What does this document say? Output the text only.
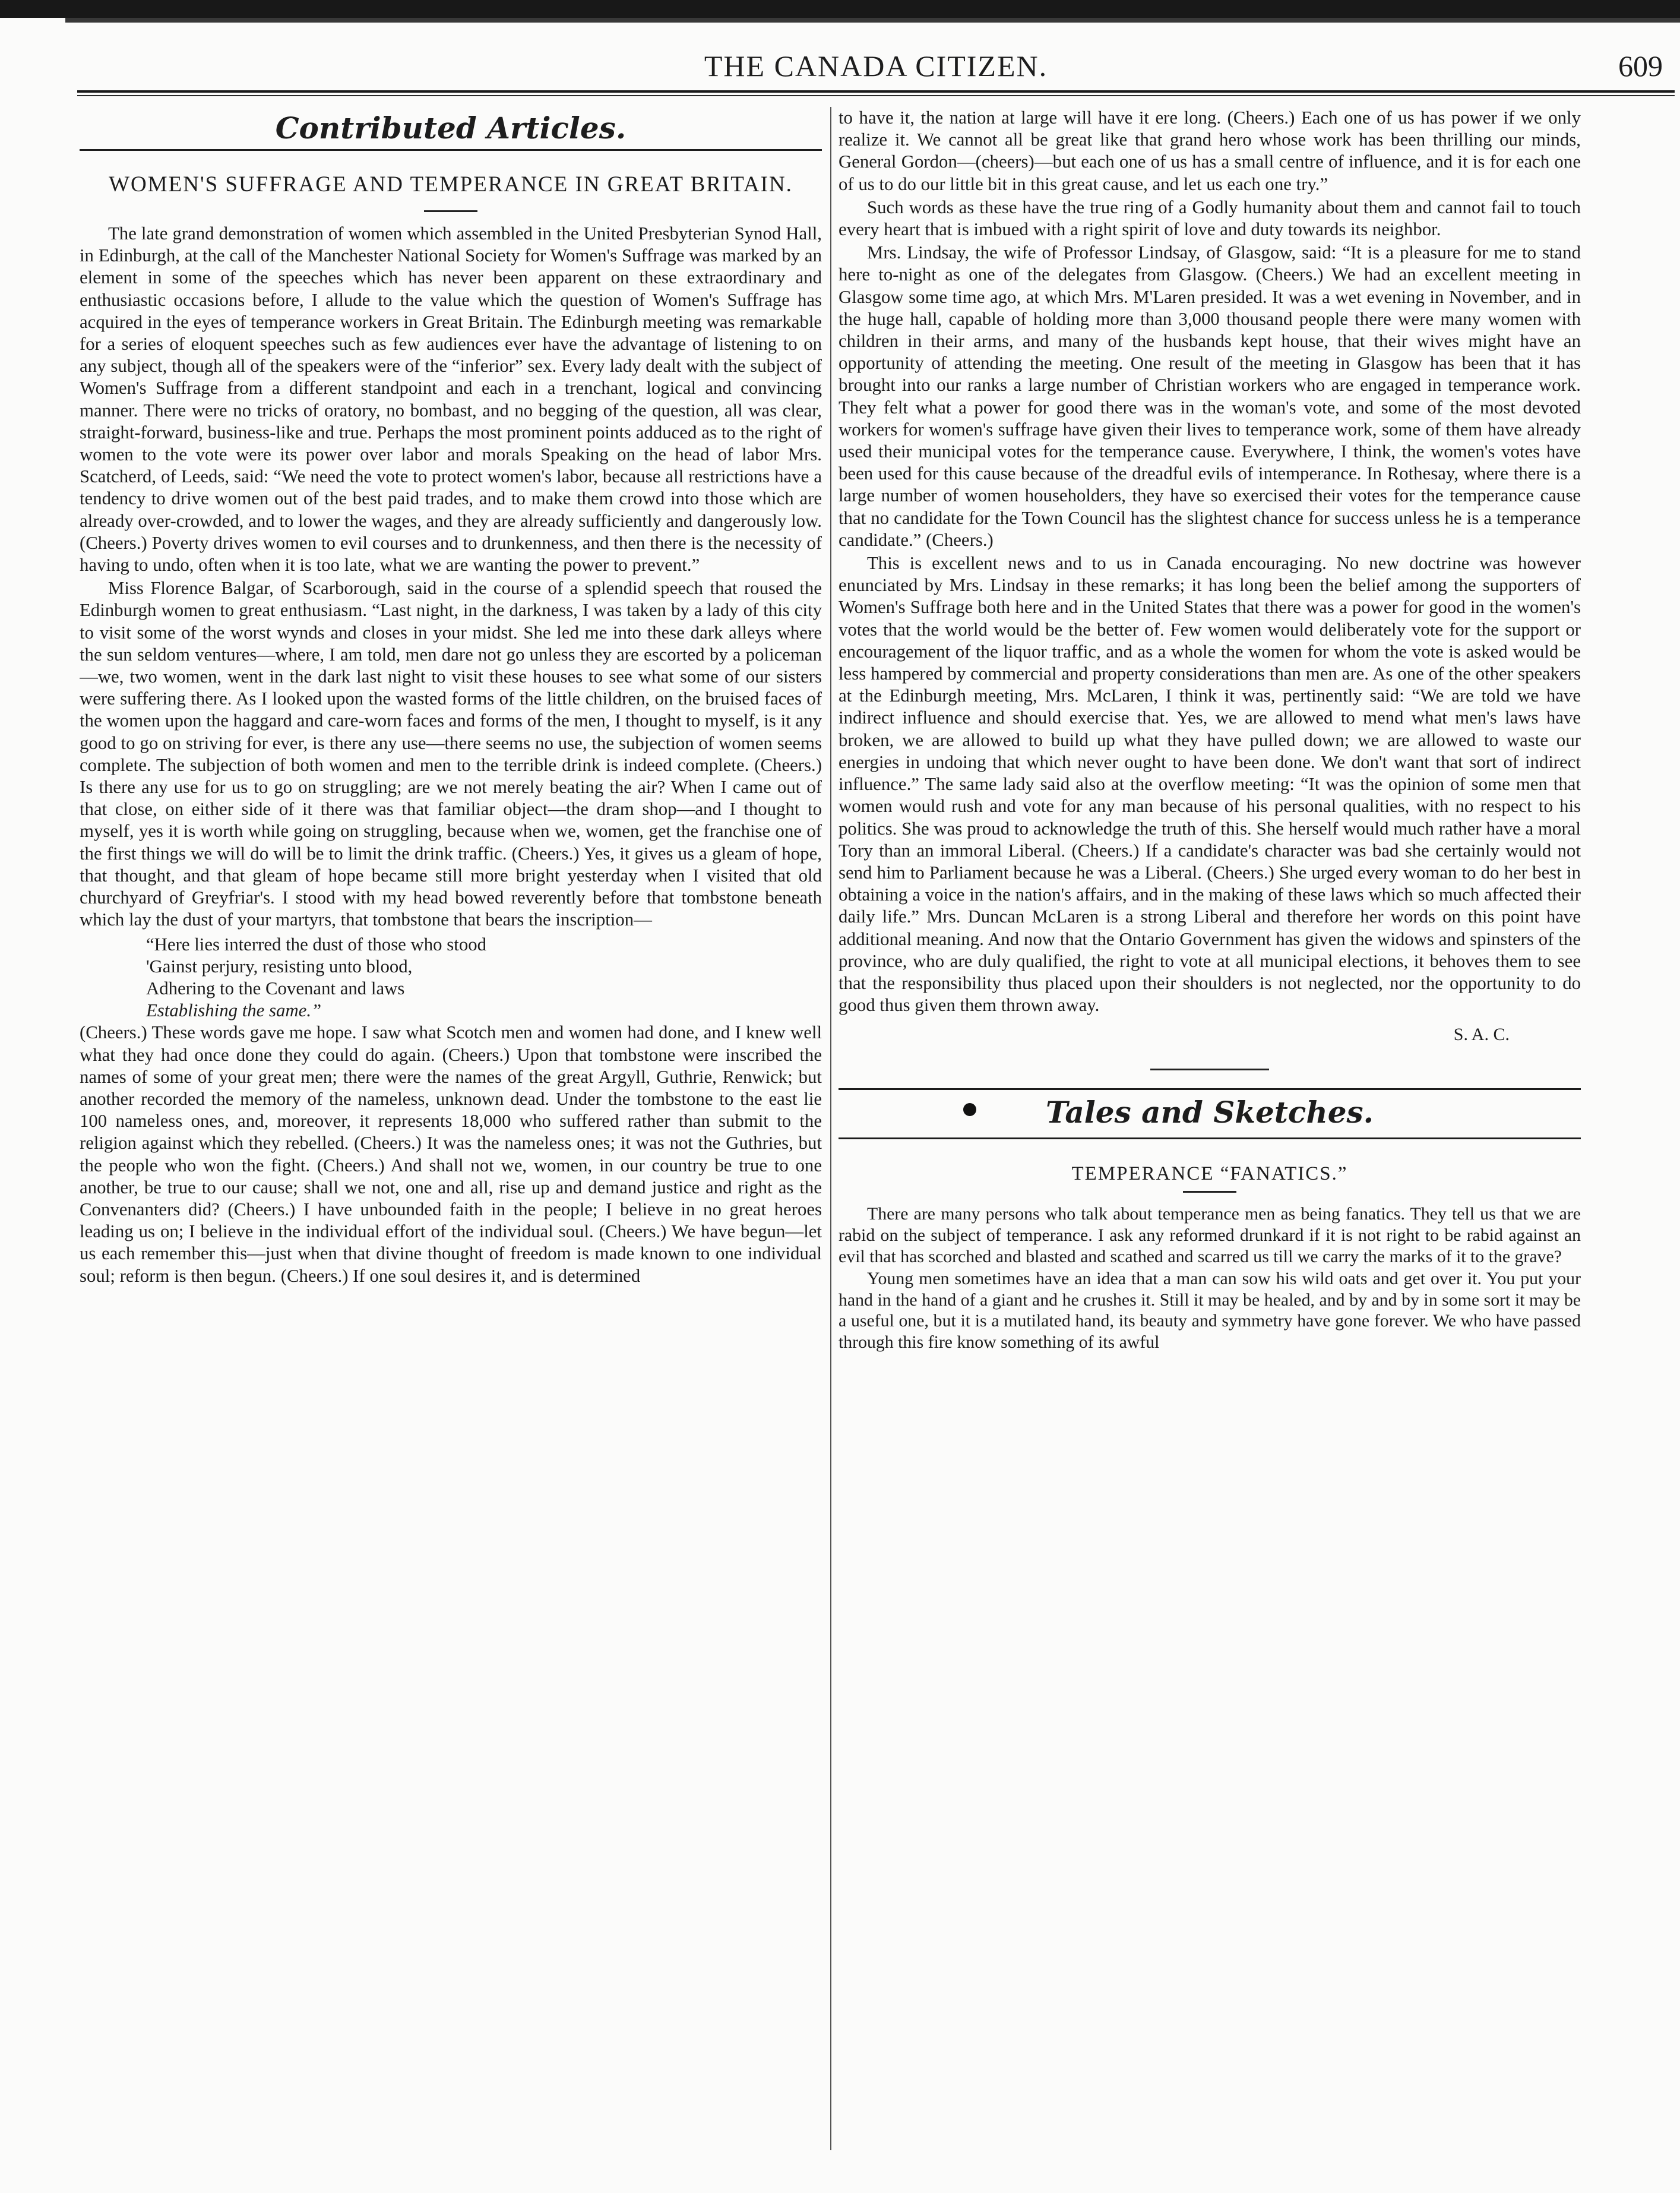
THE CANADA CITIZEN.	609
Contributed Articles.
WOMEN'S SUFFRAGE AND TEMPERANCE IN GREAT BRITAIN.

The late grand demonstration of women which assembled in the United Presbyterian Synod Hall, in Edinburgh, at the call of the Manchester National Society for Women's Suffrage was marked by an element in some of the speeches which has never been apparent on these extraordinary and enthusiastic occasions before, I allude to the value which the question of Women's Suffrage has acquired in the eyes of temperance workers in Great Britain. The Edinburgh meeting was remarkable for a series of eloquent speeches such as few audiences ever have the advantage of listening to on any subject, though all of the speakers were of the “inferior” sex. Every lady dealt with the subject of Women's Suffrage from a different standpoint and each in a trenchant, logical and convincing manner. There were no tricks of oratory, no bombast, and no begging of the question, all was clear, straight-forward, business-like and true. Perhaps the most prominent points adduced as to the right of women to the vote were its power over labor and morals Speaking on the head of labor Mrs. Scatcherd, of Leeds, said: “We need the vote to protect women's labor, because all restrictions have a tendency to drive women out of the best paid trades, and to make them crowd into those which are already over-crowded, and to lower the wages, and they are already sufficiently and dangerously low. (Cheers.) Poverty drives women to evil courses and to drunkenness, and then there is the necessity of having to undo, often when it is too late, what we are wanting the power to prevent.”

Miss Florence Balgar, of Scarborough, said in the course of a splendid speech that roused the Edinburgh women to great enthusiasm. “Last night, in the darkness, I was taken by a lady of this city to visit some of the worst wynds and closes in your midst. She led me into these dark alleys where the sun seldom ventures—where, I am told, men dare not go unless they are escorted by a policeman—we, two women, went in the dark last night to visit these houses to see what some of our sisters were suffering there. As I looked upon the wasted forms of the little children, on the bruised faces of the women upon the haggard and care-worn faces and forms of the men, I thought to myself, is it any good to go on striving for ever, is there any use—there seems no use, the subjection of women seems complete. The subjection of both women and men to the terrible drink is indeed complete. (Cheers.) Is there any use for us to go on struggling; are we not merely beating the air? When I came out of that close, on either side of it there was that familiar object—the dram shop—and I thought to myself, yes it is worth while going on struggling, because when we, women, get the franchise one of the first things we will do will be to limit the drink traffic. (Cheers.) Yes, it gives us a gleam of hope, that thought, and that gleam of hope became still more bright yesterday when I visited that old churchyard of Greyfriar's. I stood with my head bowed reverently before that tombstone beneath which lay the dust of your martyrs, that tombstone that bears the inscription—

“Here lies interred the dust of those who stood
'Gainst perjury, resisting unto blood,
Adhering to the Covenant and laws
Establishing the same.”

(Cheers.) These words gave me hope. I saw what Scotch men and women had done, and I knew well what they had once done they could do again. (Cheers.) Upon that tombstone were inscribed the names of some of your great men; there were the names of the great Argyll, Guthrie, Renwick; but another recorded the memory of the nameless, unknown dead. Under the tombstone to the east lie 100 nameless ones, and, moreover, it represents 18,000 who suffered rather than submit to the religion against which they rebelled. (Cheers.) It was the nameless ones; it was not the Guthries, but the people who won the fight. (Cheers.) And shall not we, women, in our country be true to one another, be true to our cause; shall we not, one and all, rise up and demand justice and right as the Convenanters did? (Cheers.) I have unbounded faith in the people; I believe in no great heroes leading us on; I believe in the individual effort of the individual soul. (Cheers.) We have begun—let us each remember this—just when that divine thought of freedom is made known to one individual soul; reform is then begun. (Cheers.) If one soul desires it, and is determined

to have it, the nation at large will have it ere long. (Cheers.) Each one of us has power if we only realize it. We cannot all be great like that grand hero whose work has been thrilling our minds, General Gordon—(cheers)—but each one of us has a small centre of influence, and it is for each one of us to do our little bit in this great cause, and let us each one try.”

Such words as these have the true ring of a Godly humanity about them and cannot fail to touch every heart that is imbued with a right spirit of love and duty towards its neighbor.

Mrs. Lindsay, the wife of Professor Lindsay, of Glasgow, said: “It is a pleasure for me to stand here to-night as one of the delegates from Glasgow. (Cheers.) We had an excellent meeting in Glasgow some time ago, at which Mrs. M'Laren presided. It was a wet evening in November, and in the huge hall, capable of holding more than 3,000 thousand people there were many women with children in their arms, and many of the husbands kept house, that their wives might have an opportunity of attending the meeting. One result of the meeting in Glasgow has been that it has brought into our ranks a large number of Christian workers who are engaged in temperance work. They felt what a power for good there was in the woman's vote, and some of the most devoted workers for women's suffrage have given their lives to temperance work, some of them have already used their municipal votes for the temperance cause. Everywhere, I think, the women's votes have been used for this cause because of the dreadful evils of intemperance. In Rothesay, where there is a large number of women householders, they have so exercised their votes for the temperance cause that no candidate for the Town Council has the slightest chance for success unless he is a temperance candidate.” (Cheers.)

This is excellent news and to us in Canada encouraging. No new doctrine was however enunciated by Mrs. Lindsay in these remarks; it has long been the belief among the supporters of Women's Suffrage both here and in the United States that there was a power for good in the women's votes that the world would be the better of. Few women would deliberately vote for the support or encouragement of the liquor traffic, and as a whole the women for whom the vote is asked would be less hampered by commercial and property considerations than men are. As one of the other speakers at the Edinburgh meeting, Mrs. McLaren, I think it was, pertinently said: “We are told we have indirect influence and should exercise that. Yes, we are allowed to mend what men's laws have broken, we are allowed to build up what they have pulled down; we are allowed to waste our energies in undoing that which never ought to have been done. We don't want that sort of indirect influence.” The same lady said also at the overflow meeting: “It was the opinion of some men that women would rush and vote for any man because of his personal qualities, with no respect to his politics. She was proud to acknowledge the truth of this. She herself would much rather have a moral Tory than an immoral Liberal. (Cheers.) If a candidate's character was bad she certainly would not send him to Parliament because he was a Liberal. (Cheers.) She urged every woman to do her best in obtaining a voice in the nation's affairs, and in the making of these laws which so much affected their daily life.” Mrs. Duncan McLaren is a strong Liberal and therefore her words on this point have additional meaning. And now that the Ontario Government has given the widows and spinsters of the province, who are duly qualified, the right to vote at all municipal elections, it behoves them to see that the responsibility thus placed upon their shoulders is not neglected, nor the opportunity to do good thus given them thrown away.

S. A. C.
Tales and Sketches.
TEMPERANCE “FANATICS.”

There are many persons who talk about temperance men as being fanatics. They tell us that we are rabid on the subject of temperance. I ask any reformed drunkard if it is not right to be rabid against an evil that has scorched and blasted and scathed and scarred us till we carry the marks of it to the grave?

Young men sometimes have an idea that a man can sow his wild oats and get over it. You put your hand in the hand of a giant and he crushes it. Still it may be healed, and by and by in some sort it may be a useful one, but it is a mutilated hand, its beauty and symmetry have gone forever. We who have passed through this fire know something of its awful
